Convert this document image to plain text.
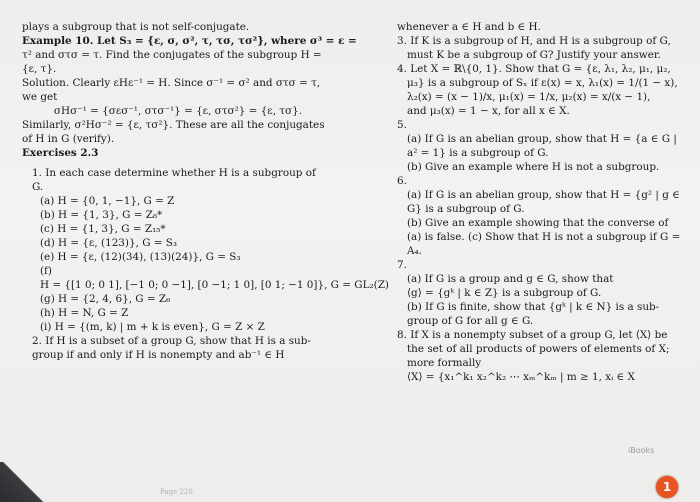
plays a subgroup that is not self-conjugate.
Example 10. Let S₃ = {ε, σ, σ², τ, τσ, τσ²}, where σ³ = ε =
τ² and στσ = τ. Find the conjugates of the subgroup H =
{ε, τ}.
Solution. Clearly εHε⁻¹ = H. Since σ⁻¹ = σ² and στσ = τ,
we get
σHσ⁻¹ = {σεσ⁻¹, στσ⁻¹} = {ε, στσ²} = {ε, τσ}.
Similarly, σ²Hσ⁻² = {ε, τσ²}. These are all the conjugates
of H in G (verify).
Exercises 2.3
1. In each case determine whether H is a subgroup of
G.
(a) H = {0, 1, −1}, G = Z
(b) H = {1, 3}, G = Z₈*
(c) H = {1, 3}, G = Z₁₅*
(d) H = {ε, (123)}, G = S₃
(e) H = {ε, (12)(34), (13)(24)}, G = S₃
(f)
H = {[1 0; 0 1], [−1 0; 0 −1], [0 −1; 1 0], [0 1; −1 0]}, G = GL₂(Z)
(g) H = {2, 4, 6}, G = Z₆
(h) H = N, G = Z
(i) H = {(m, k) | m + k is even}, G = Z × Z
2. If H is a subset of a group G, show that H is a sub-
group if and only if H is nonempty and ab⁻¹ ∈ H
whenever a ∈ H and b ∈ H.
3. If K is a subgroup of H, and H is a subgroup of G,
must K be a subgroup of G? Justify your answer.
4. Let X = ℝ\{0, 1}. Show that G = {ε, λ₁, λ₂, μ₁, μ₂,
μ₃} is a subgroup of Sₓ if ε(x) = x, λ₁(x) = 1/(1 − x),
λ₂(x) = (x − 1)/x, μ₁(x) = 1/x, μ₂(x) = x/(x − 1),
and μ₃(x) = 1 − x, for all x ∈ X.
5.
(a) If G is an abelian group, show that H = {a ∈ G |
a² = 1} is a subgroup of G.
(b) Give an example where H is not a subgroup.
6.
(a) If G is an abelian group, show that H = {g² | g ∈
G} is a subgroup of G.
(b) Give an example showing that the converse of
(a) is false. (c) Show that H is not a subgroup if G =
A₄.
7.
(a) If G is a group and g ∈ G, show that
⟨g⟩ = {gᵏ | k ∈ Z} is a subgroup of G.
(b) If G is finite, show that {gᵏ | k ∈ N} is a sub-
group of G for all g ∈ G.
8. If X is a nonempty subset of a group G, let ⟨X⟩ be
the set of all products of powers of elements of X;
more formally
⟨X⟩ = {x₁^k₁ x₂^k₂ ⋯ xₘ^kₘ | m ≥ 1, xᵢ ∈ X
iBooks
Page 220	1
